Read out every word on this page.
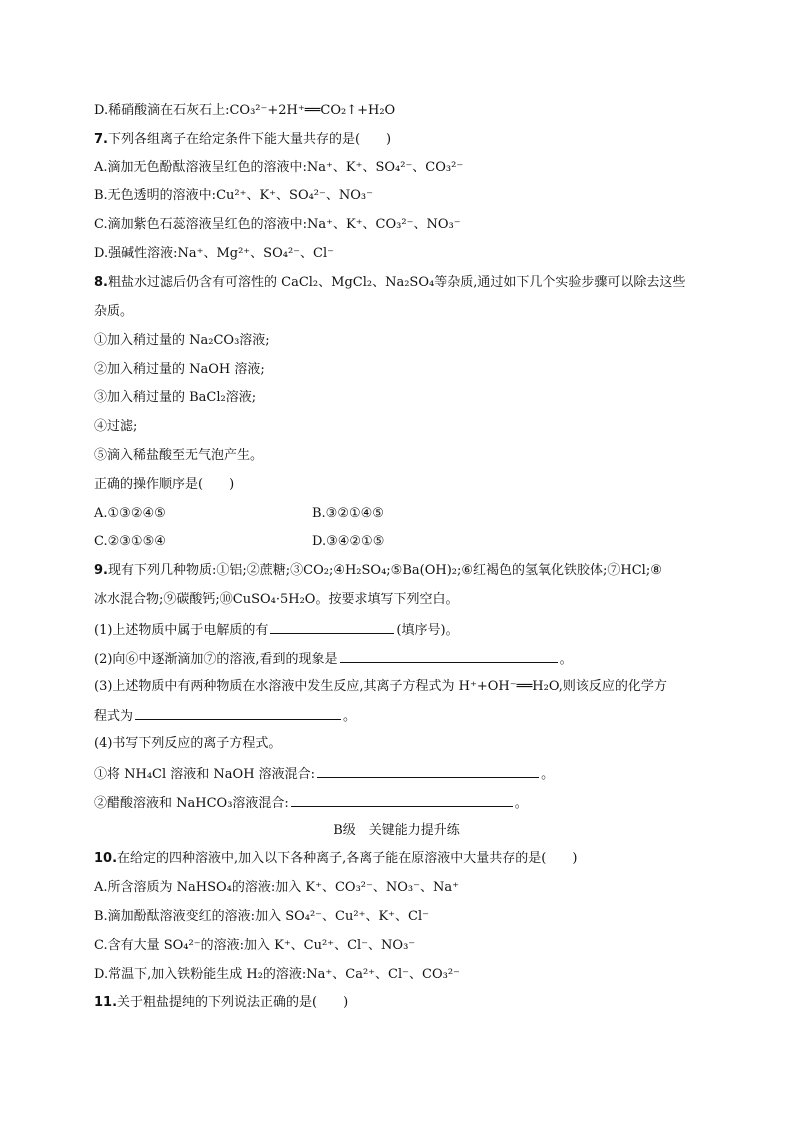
D.稀硝酸滴在石灰石上:CO₃²⁻+2H⁺══CO₂↑+H₂O
7.下列各组离子在给定条件下能大量共存的是(　　)
A.滴加无色酚酞溶液呈红色的溶液中:Na⁺、K⁺、SO₄²⁻、CO₃²⁻
B.无色透明的溶液中:Cu²⁺、K⁺、SO₄²⁻、NO₃⁻
C.滴加紫色石蕊溶液呈红色的溶液中:Na⁺、K⁺、CO₃²⁻、NO₃⁻
D.强碱性溶液:Na⁺、Mg²⁺、SO₄²⁻、Cl⁻
8.粗盐水过滤后仍含有可溶性的 CaCl₂、MgCl₂、Na₂SO₄等杂质,通过如下几个实验步骤可以除去这些
杂质。
①加入稍过量的 Na₂CO₃溶液;
②加入稍过量的 NaOH 溶液;
③加入稍过量的 BaCl₂溶液;
④过滤;
⑤滴入稀盐酸至无气泡产生。
正确的操作顺序是(　　)
A.①③②④⑤	B.③②①④⑤
C.②③①⑤④	D.③④②①⑤
9.现有下列几种物质:①铝;②蔗糖;③CO₂;④H₂SO₄;⑤Ba(OH)₂;⑥红褐色的氢氧化铁胶体;⑦HCl;⑧
冰水混合物;⑨碳酸钙;⑩CuSO₄·5H₂O。按要求填写下列空白。
(1)上述物质中属于电解质的有	(填序号)。
(2)向⑥中逐渐滴加⑦的溶液,看到的现象是	。
(3)上述物质中有两种物质在水溶液中发生反应,其离子方程式为 H⁺+OH⁻══H₂O,则该反应的化学方
程式为	。
(4)书写下列反应的离子方程式。
①将 NH₄Cl 溶液和 NaOH 溶液混合:	。
②醋酸溶液和 NaHCO₃溶液混合:	。
B级　关键能力提升练
10.在给定的四种溶液中,加入以下各种离子,各离子能在原溶液中大量共存的是(　　)
A.所含溶质为 NaHSO₄的溶液:加入 K⁺、CO₃²⁻、NO₃⁻、Na⁺
B.滴加酚酞溶液变红的溶液:加入 SO₄²⁻、Cu²⁺、K⁺、Cl⁻
C.含有大量 SO₄²⁻的溶液:加入 K⁺、Cu²⁺、Cl⁻、NO₃⁻
D.常温下,加入铁粉能生成 H₂的溶液:Na⁺、Ca²⁺、Cl⁻、CO₃²⁻
11.关于粗盐提纯的下列说法正确的是(　　)
